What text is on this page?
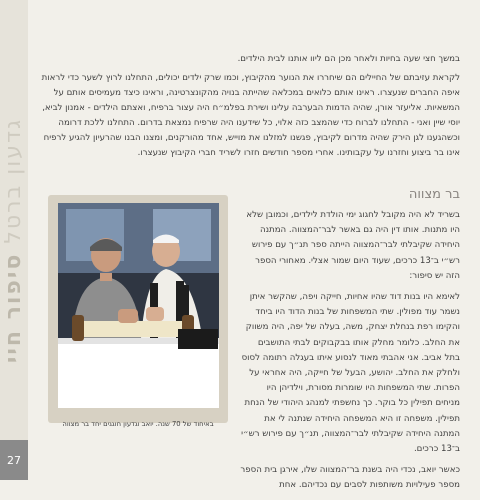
גדעון ברטל סיפור חיי
27

במשך חצי שעה בחיות ולאחר מכן הם ליוו אותנו לבית הילדים.

לקראת עזיבתם של החיילים הם שיחררו את הנוער מהקיבוץ, וכמו שרק ילדים יכולים, התחלנו לרוץ לשער כדי לראות איפה החברים שנעצרו. ראינו אותם כלואים במכלאה שהייתה בנויה מהקונצרטינה, וראינו כיצד מעמיסים אותם על המשאיות. אליעזר אורן, שהיה הדמות הבערבה עלינו ושירת בפלמ״ח היה עצור ברפיח, ואצתם הילדים - אמנון לביא, יוסי שיין ואני - התחלנו לברוח כדי שהמצב כזה אלוי, כל שידענו היה שרפיח נמצאת בדרום. התחלנו ללכת דרומה וכשהגענו לגן הירק שהיה מדרום לקיבוץ, פגשנו למזלנו את מוייש, אחד מהורקנים, ומצנו הבנו שהרעיון להגיע לרפיח אינו בר ביצוע וחזרנו על עקבותינו. אחרי מספר חודשים חזרו לשריד חברי הקיבוץ שנעצרו.

בר מצווה

בשריד לא היה מקובל לחגוג ימי הולדת לילדים, וכמובן שלא היו מתנות. אותו דין היה גם באשר לבר־המצווה. המתנה היחידה שקיבלתי לבר־המצווה הייתה ספר תנ״ך עם פירוש רש״י ב־13 כרכים, שעוד היום שמור אצלי. מאחורי הספר הזה יש סיפור:

לאימא היו בנות דוד שהיו אחיות, חייקה ויפה, שהקשר איתן נשמר עוד מפולין. שתי המשפחות של בנות הדוד היו ביחד והקימו רפת בנחלת יצחק, משה, בעלה של יפה, היה משווק את החלב. כלומר מחלק אותו בבקבוקים לבתי התושבים בתל אביב. אני אהבתי מאוד לנסוע איתו בעגלה רתומה לסוס ולחלק את החלב. יהושע, הבעל של חייקה, היה אחראי על הפרות. שתי המשפחות היו שומרות מסורת, וילדיהן היו מניחים תפילין כל בוקר. כך נחשפתי למנהג היהודי של הנחת תפילין. משפחה זו היא המשפחה היחידה שנתנה לי את המתנה היחידה שקיבלתי לבר־המצווה, תנ״ך עם פירוש רש״י ב־13 כרכים.

כאשר יואב, נכדי היה בשנת בר־המצווה שלו, אירגן בית הספר מספר פעילויות משותפות לסבים עם נכדיהם. אחת

באיחוד של 70 שנה. יואב וגדעון חוגגים יחד בר מצווה
